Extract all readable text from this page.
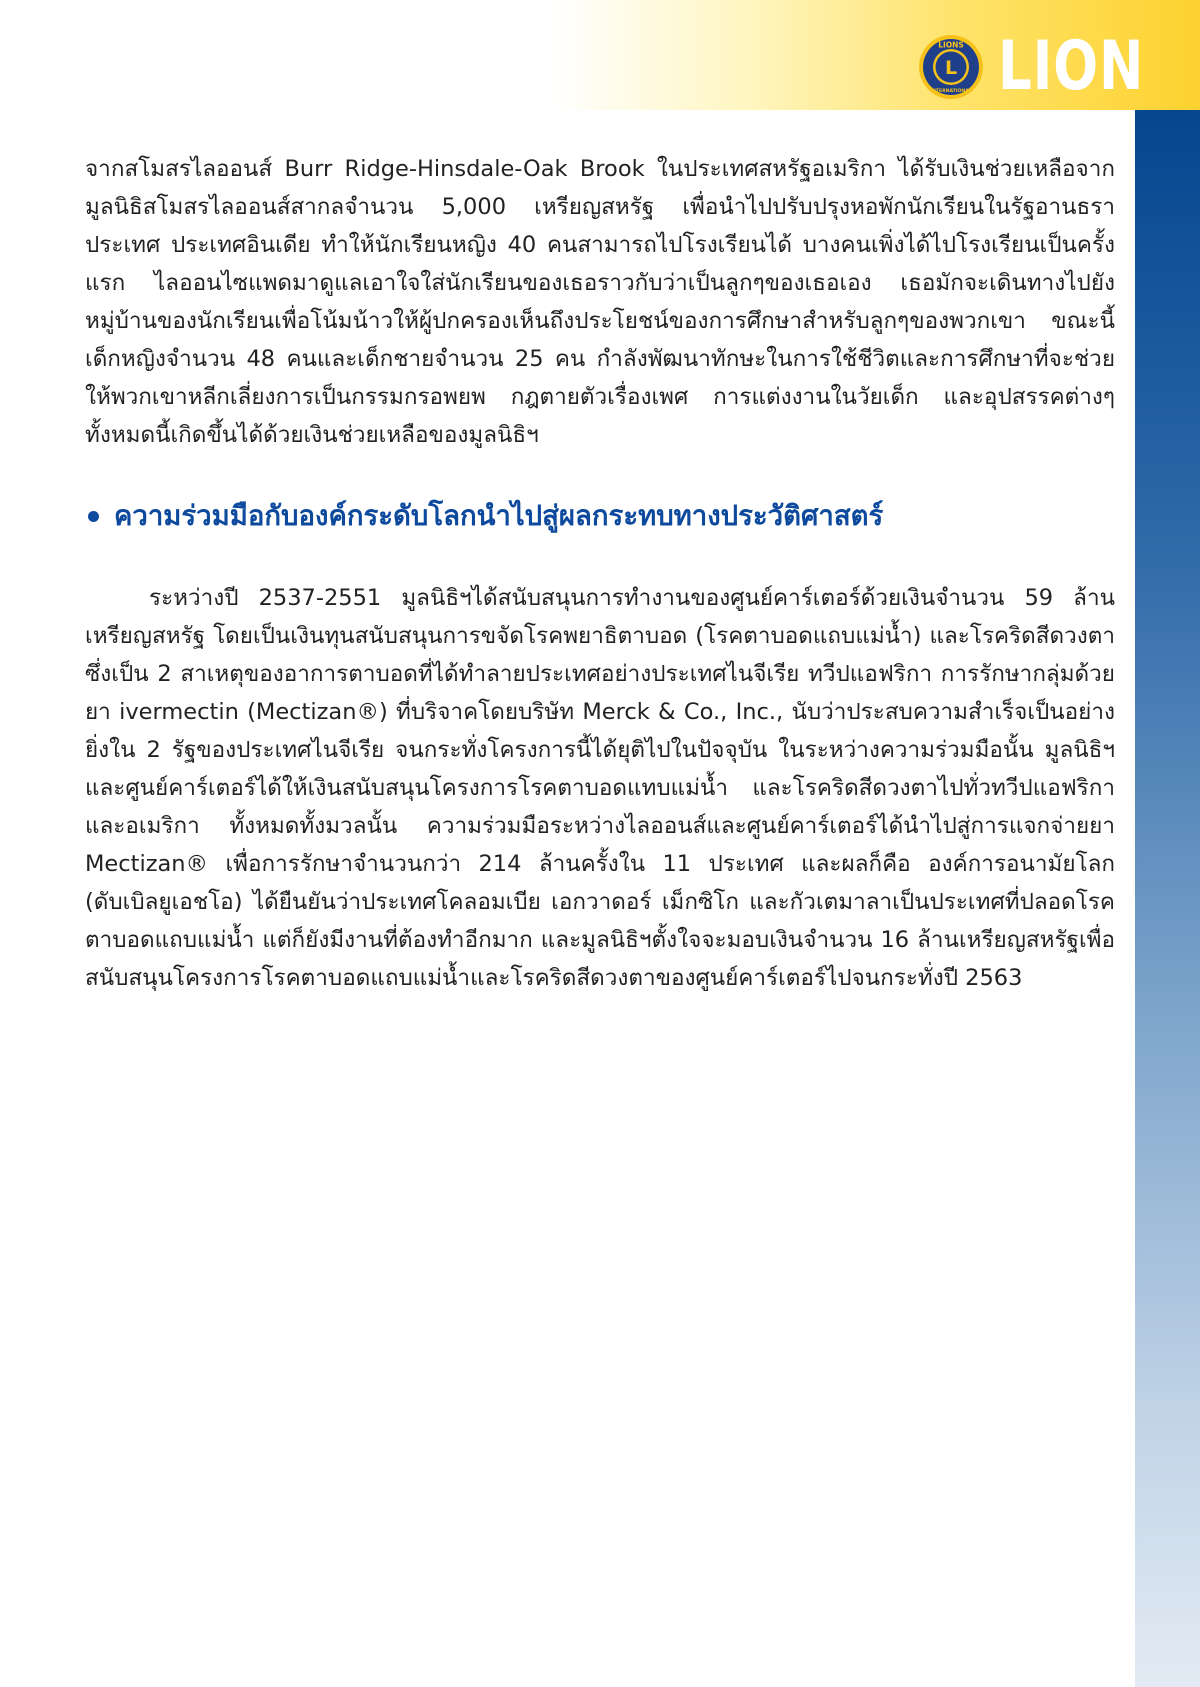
L
LIONS
INTERNATIONAL LION

จากสโมสรไลออนส์ Burr Ridge-Hinsdale-Oak Brook ในประเทศสหรัฐอเมริกา ได้รับเงินช่วยเหลือจากมูลนิธิสโมสรไลออนส์สากลจำนวน 5,000 เหรียญสหรัฐ เพื่อนำไปปรับปรุงหอพักนักเรียนในรัฐอานธราประเทศ ประเทศอินเดีย ทำให้นักเรียนหญิง 40 คนสามารถไปโรงเรียนได้ บางคนเพิ่งได้ไปโรงเรียนเป็นครั้งแรก ไลออนไซแพดมาดูแลเอาใจใส่นักเรียนของเธอราวกับว่าเป็นลูกๆของเธอเอง เธอมักจะเดินทางไปยังหมู่บ้านของนักเรียนเพื่อโน้มน้าวให้ผู้ปกครองเห็นถึงประโยชน์ของการศึกษาสำหรับลูกๆของพวกเขา ขณะนี้เด็กหญิงจำนวน 48 คนและเด็กชายจำนวน 25 คน กำลังพัฒนาทักษะในการใช้ชีวิตและการศึกษาที่จะช่วยให้พวกเขาหลีกเลี่ยงการเป็นกรรมกรอพยพ กฎตายตัวเรื่องเพศ การแต่งงานในวัยเด็ก และอุปสรรคต่างๆ ทั้งหมดนี้เกิดขึ้นได้ด้วยเงินช่วยเหลือของมูลนิธิฯ

ความร่วมมือกับองค์กระดับโลกนำไปสู่ผลกระทบทางประวัติศาสตร์

ระหว่างปี 2537-2551 มูลนิธิฯได้สนับสนุนการทำงานของศูนย์คาร์เตอร์ด้วยเงินจำนวน 59 ล้านเหรียญสหรัฐ โดยเป็นเงินทุนสนับสนุนการขจัดโรคพยาธิตาบอด (โรคตาบอดแถบแม่น้ำ) และโรคริดสีดวงตา ซึ่งเป็น 2 สาเหตุของอาการตาบอดที่ได้ทำลายประเทศอย่างประเทศไนจีเรีย ทวีปแอฟริกา การรักษากลุ่มด้วยยา ivermectin (Mectizan®) ที่บริจาคโดยบริษัท Merck & Co., Inc., นับว่าประสบความสำเร็จเป็นอย่างยิ่งใน 2 รัฐของประเทศไนจีเรีย จนกระทั่งโครงการนี้ได้ยุติไปในปัจจุบัน ในระหว่างความร่วมมือนั้น มูลนิธิฯและศูนย์คาร์เตอร์ได้ให้เงินสนับสนุนโครงการโรคตาบอดแทบแม่น้ำ และโรคริดสีดวงตาไปทั่วทวีปแอฟริกาและอเมริกา ทั้งหมดทั้งมวลนั้น ความร่วมมือระหว่างไลออนส์และศูนย์คาร์เตอร์ได้นำไปสู่การแจกจ่ายยา Mectizan® เพื่อการรักษาจำนวนกว่า 214 ล้านครั้งใน 11 ประเทศ และผลก็คือ องค์การอนามัยโลก (ดับเบิลยูเอชโอ) ได้ยืนยันว่าประเทศโคลอมเบีย เอกวาดอร์ เม็กซิโก และกัวเตมาลาเป็นประเทศที่ปลอดโรคตาบอดแถบแม่น้ำ แต่ก็ยังมีงานที่ต้องทำอีกมาก และมูลนิธิฯตั้งใจจะมอบเงินจำนวน 16 ล้านเหรียญสหรัฐเพื่อสนับสนุนโครงการโรคตาบอดแถบแม่น้ำและโรคริดสีดวงตาของศูนย์คาร์เตอร์ไปจนกระทั่งปี 2563
